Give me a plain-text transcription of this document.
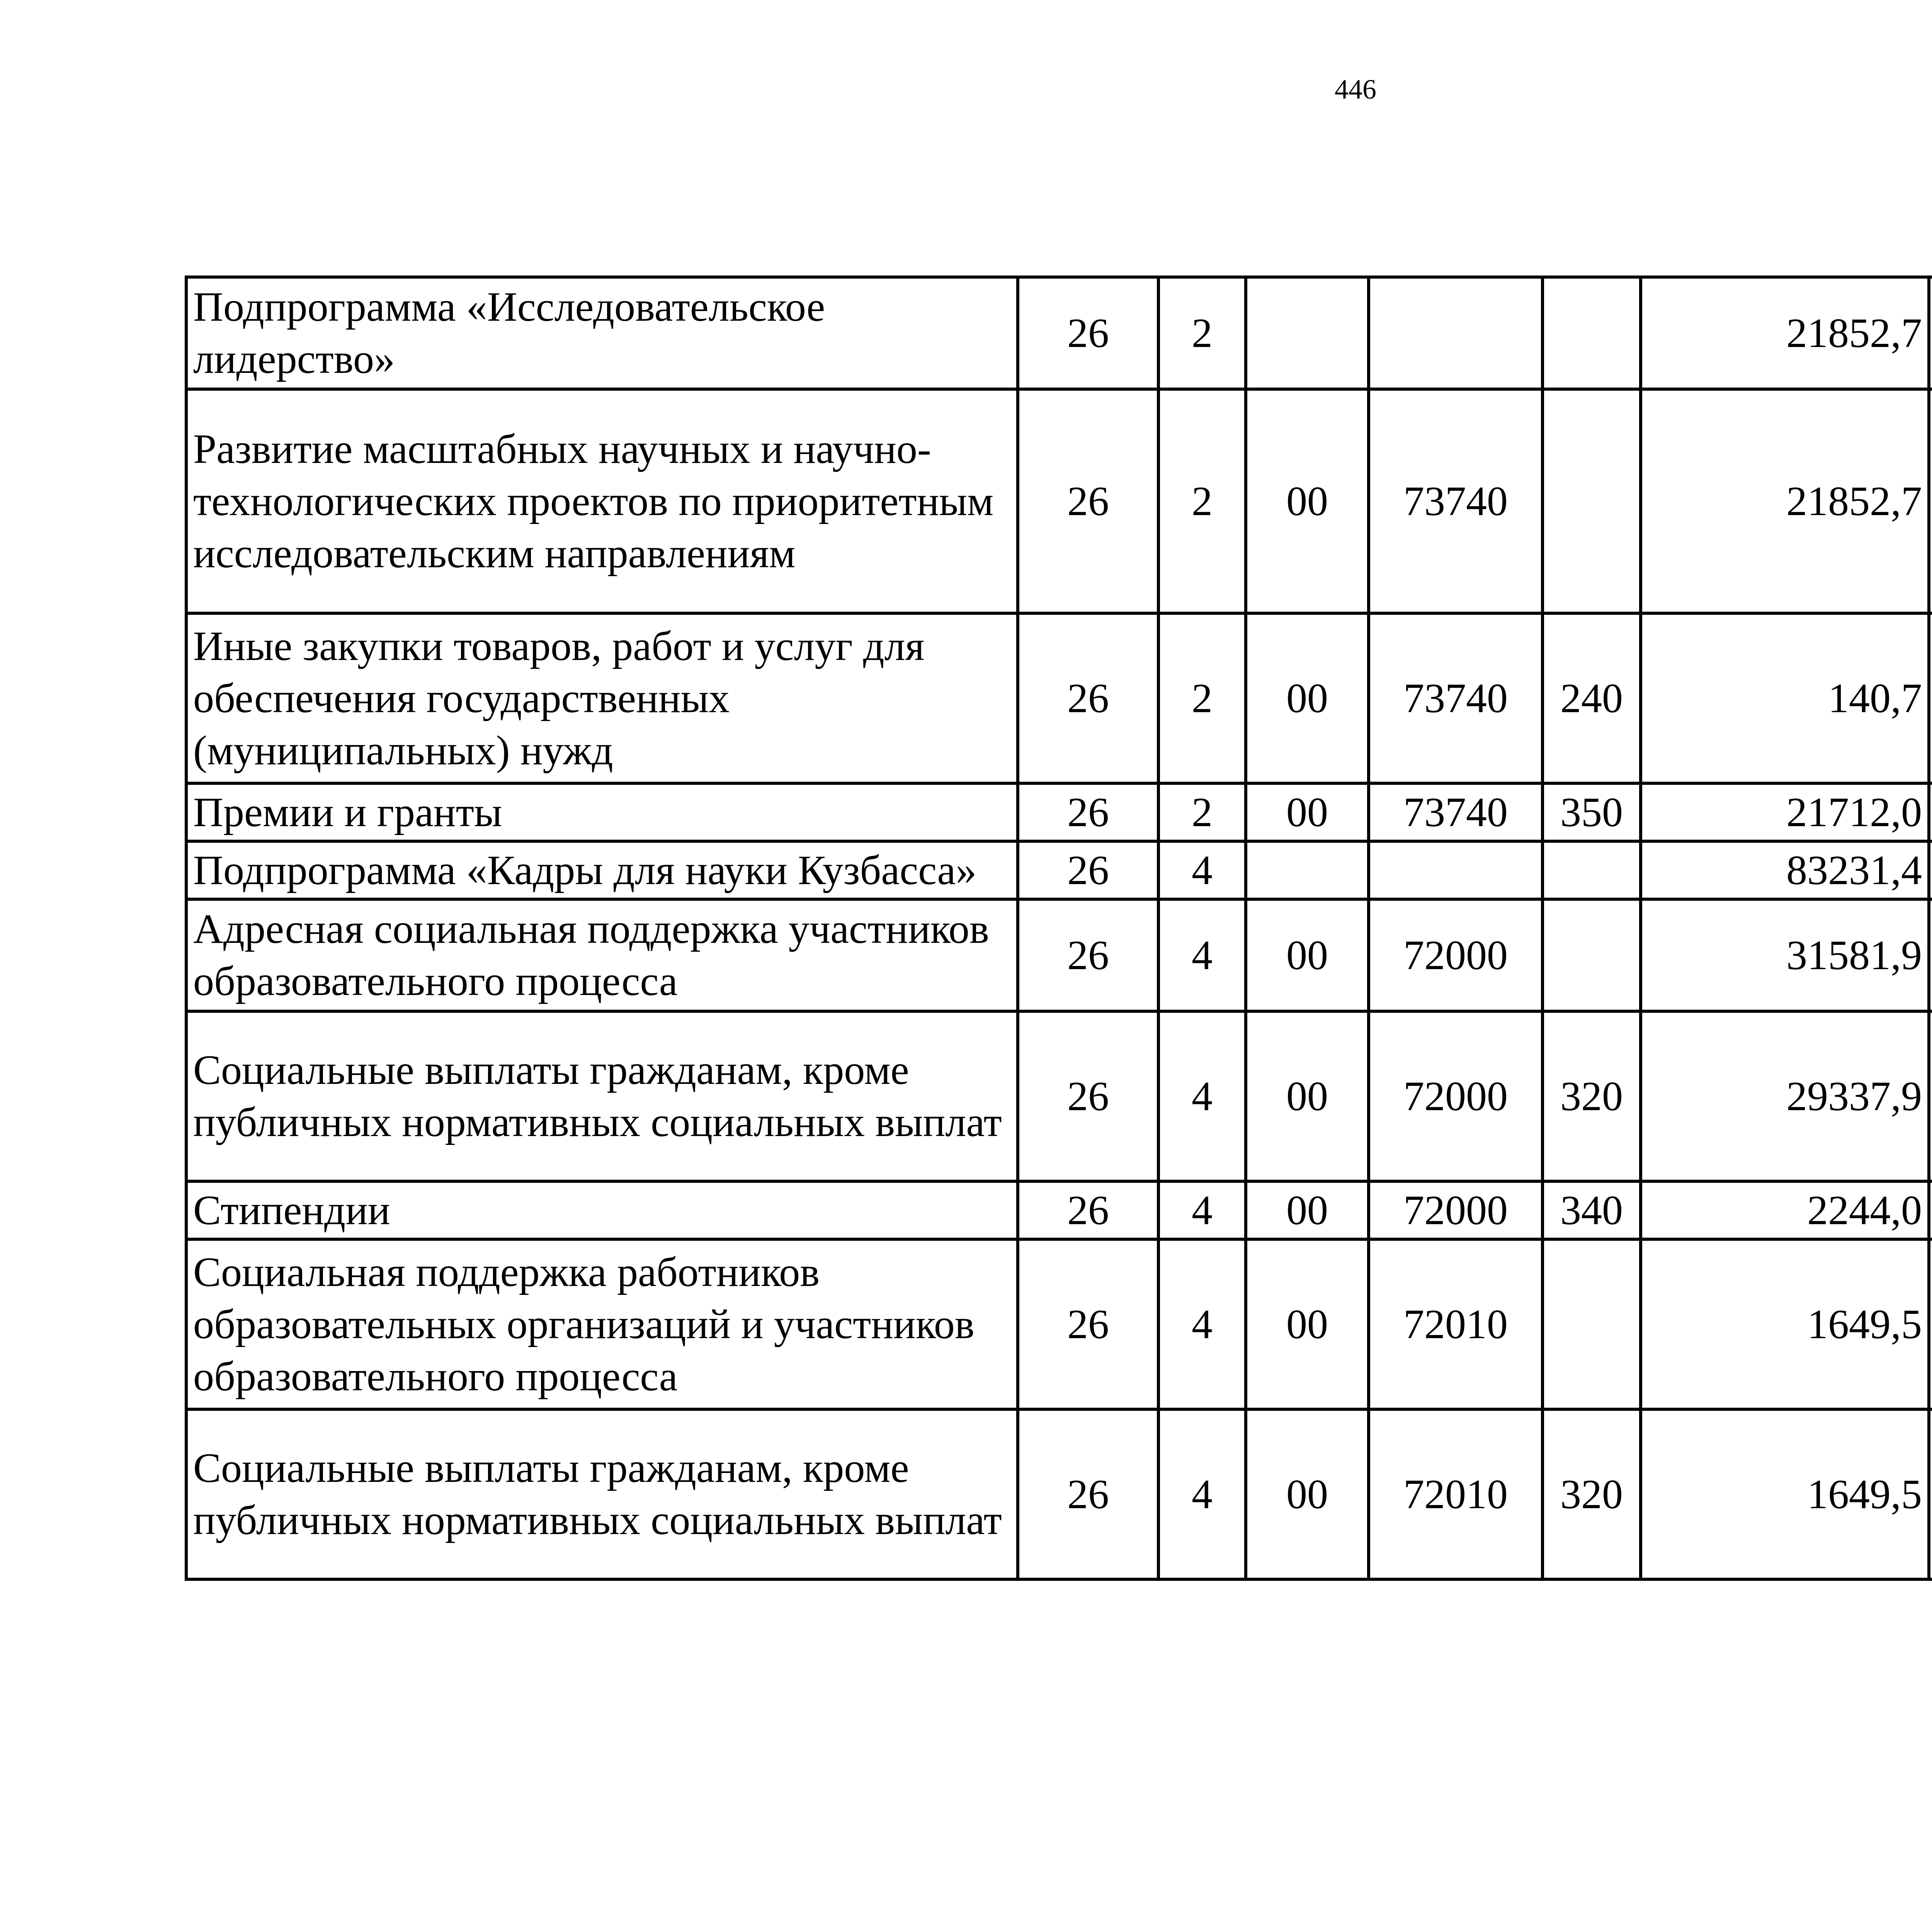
446
Подпрограмма «Исследовательское лидерство»	26	2				21852,7		
Развитие масштабных научных и научно-технологических проектов по приоритетным исследовательским направлениям	26	2	00	73740		21852,7		
Иные закупки товаров, работ и услуг для обеспечения государственных (муниципальных) нужд	26	2	00	73740	240	140,7		
Премии и гранты	26	2	00	73740	350	21712,0		
Подпрограмма «Кадры для науки Кузбасса»	26	4				83231,4		
Адресная социальная поддержка участников образовательного процесса	26	4	00	72000		31581,9		
Социальные выплаты гражданам, кроме публичных нормативных социальных выплат	26	4	00	72000	320	29337,9		
Стипендии	26	4	00	72000	340	2244,0		
Социальная поддержка работников образовательных организаций и участников образовательного процесса	26	4	00	72010		1649,5		
Социальные выплаты гражданам, кроме публичных нормативных социальных выплат	26	4	00	72010	320	1649,5		
